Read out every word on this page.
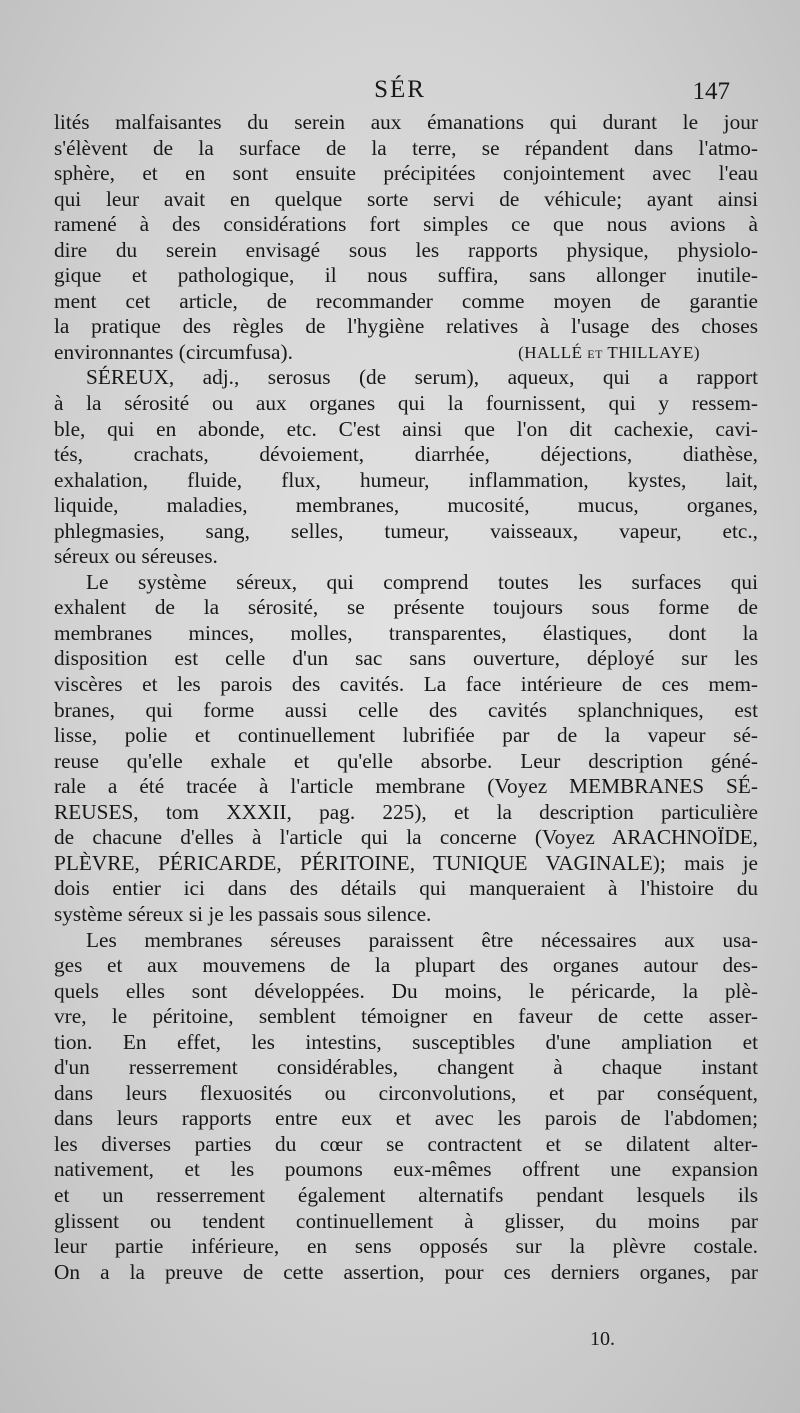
SÉR	147
lités malfaisantes du serein aux émanations qui durant le jour
s'élèvent de la surface de la terre, se répandent dans l'atmo-
sphère, et en sont ensuite précipitées conjointement avec l'eau
qui leur avait en quelque sorte servi de véhicule; ayant ainsi
ramené à des considérations fort simples ce que nous avions à
dire du serein envisagé sous les rapports physique, physiolo-
gique et pathologique, il nous suffira, sans allonger inutile-
ment cet article, de recommander comme moyen de garantie
la pratique des règles de l'hygiène relatives à l'usage des choses
environnantes (circumfusa).	(HALLÉ et THILLAYE)
SÉREUX, adj., serosus (de serum), aqueux, qui a rapport
à la sérosité ou aux organes qui la fournissent, qui y ressem-
ble, qui en abonde, etc. C'est ainsi que l'on dit cachexie, cavi-
tés, crachats, dévoiement, diarrhée, déjections, diathèse,
exhalation, fluide, flux, humeur, inflammation, kystes, lait,
liquide, maladies, membranes, mucosité, mucus, organes,
phlegmasies, sang, selles, tumeur, vaisseaux, vapeur, etc.,
séreux ou séreuses.
Le système séreux, qui comprend toutes les surfaces qui
exhalent de la sérosité, se présente toujours sous forme de
membranes minces, molles, transparentes, élastiques, dont la
disposition est celle d'un sac sans ouverture, déployé sur les
viscères et les parois des cavités. La face intérieure de ces mem-
branes, qui forme aussi celle des cavités splanchniques, est
lisse, polie et continuellement lubrifiée par de la vapeur sé-
reuse qu'elle exhale et qu'elle absorbe. Leur description géné-
rale a été tracée à l'article membrane (Voyez MEMBRANES SÉ-
REUSES, tom XXXII, pag. 225), et la description particulière
de chacune d'elles à l'article qui la concerne (Voyez ARACHNOÏDE,
PLÈVRE, PÉRICARDE, PÉRITOINE, TUNIQUE VAGINALE); mais je
dois entier ici dans des détails qui manqueraient à l'histoire du
système séreux si je les passais sous silence.
Les membranes séreuses paraissent être nécessaires aux usa-
ges et aux mouvemens de la plupart des organes autour des-
quels elles sont développées. Du moins, le péricarde, la plè-
vre, le péritoine, semblent témoigner en faveur de cette asser-
tion. En effet, les intestins, susceptibles d'une ampliation et
d'un resserrement considérables, changent à chaque instant
dans leurs flexuosités ou circonvolutions, et par conséquent,
dans leurs rapports entre eux et avec les parois de l'abdomen;
les diverses parties du cœur se contractent et se dilatent alter-
nativement, et les poumons eux-mêmes offrent une expansion
et un resserrement également alternatifs pendant lesquels ils
glissent ou tendent continuellement à glisser, du moins par
leur partie inférieure, en sens opposés sur la plèvre costale.
On a la preuve de cette assertion, pour ces derniers organes, par
10.
